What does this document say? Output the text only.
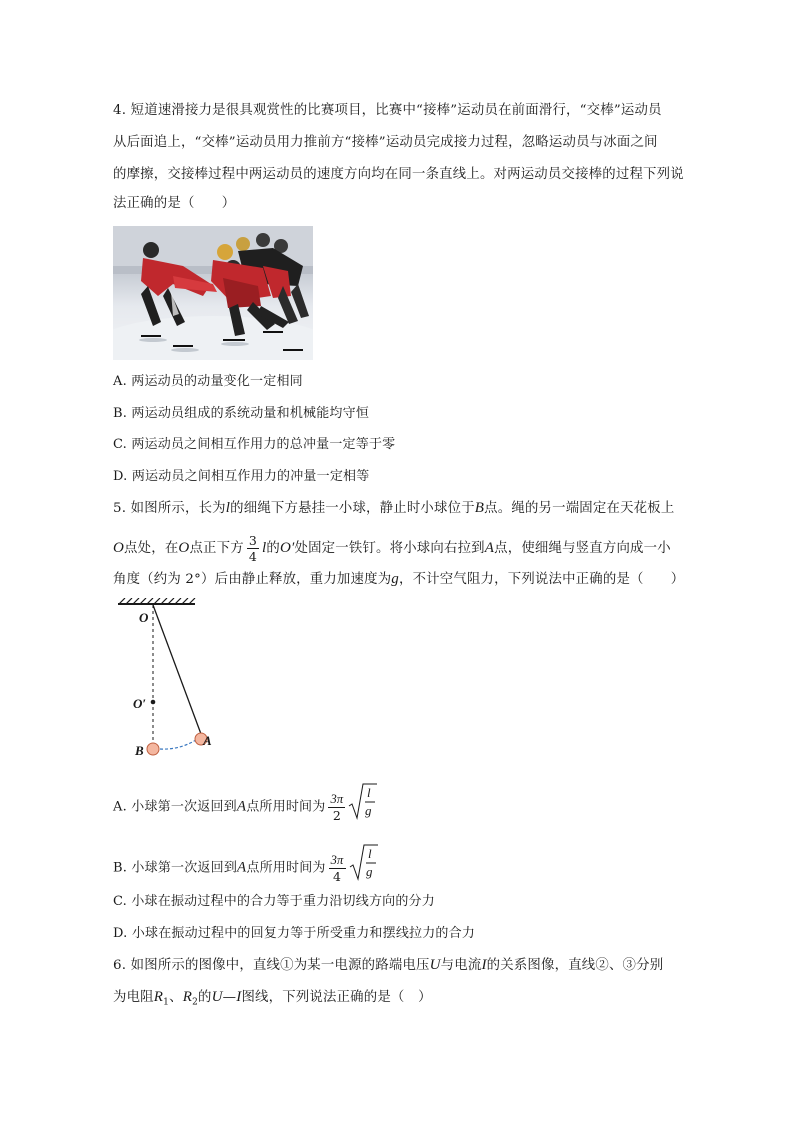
4. 短道速滑接力是很具观赏性的比赛项目，比赛中“接棒”运动员在前面滑行，“交棒”运动员
从后面追上，“交棒”运动员用力推前方“接棒”运动员完成接力过程，忽略运动员与冰面之间
的摩擦，交接棒过程中两运动员的速度方向均在同一条直线上。对两运动员交接棒的过程下列说
法正确的是（　　）
A. 两运动员的动量变化一定相同
B. 两运动员组成的系统动量和机械能均守恒
C. 两运动员之间相互作用力的总冲量一定等于零
D. 两运动员之间相互作用力的冲量一定相等
5. 如图所示，长为l的细绳下方悬挂一小球，静止时小球位于B点。绳的另一端固定在天花板上
O点处，在O点正下方 $\frac{3}{4}$ l的O′处固定一铁钉。将小球向右拉到A点，使细绳与竖直方向成一小
角度（约为 2°）后由静止释放，重力加速度为g，不计空气阻力，下列说法中正确的是（　　）
O
O′
B
A
A. 小球第一次返回到A点所用时间为 $\frac{3\pi}{2}$ l
g
B. 小球第一次返回到A点所用时间为 $\frac{3\pi}{4}$ l
g
C. 小球在振动过程中的合力等于重力沿切线方向的分力
D. 小球在振动过程中的回复力等于所受重力和摆线拉力的合力
6. 如图所示的图像中，直线①为某一电源的路端电压U与电流I的关系图像，直线②、③分别
为电阻$R_1$、$R_2$的U—I图线，下列说法正确的是（　）
